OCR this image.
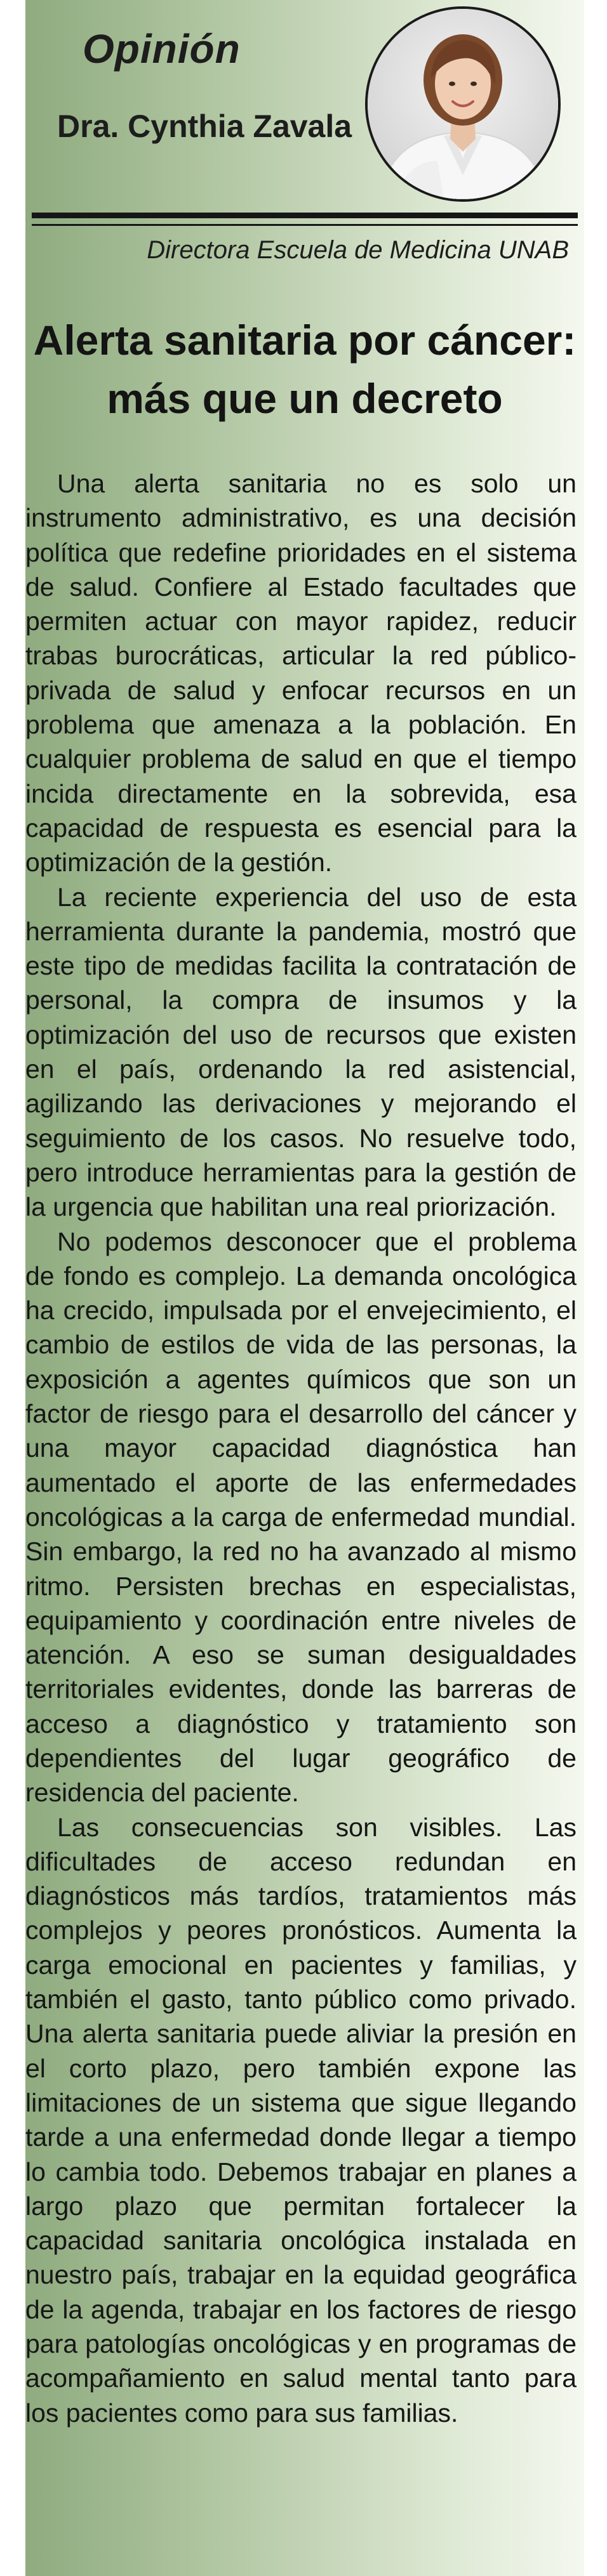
Opinión
Dra. Cynthia Zavala
Directora Escuela de Medicina UNAB
Alerta sanitaria por cáncer:
más que un decreto

Una alerta sanitaria no es solo un instrumento administrativo, es una decisión política que redefine prioridades en el sistema de salud. Confiere al Estado facultades que permiten actuar con mayor rapidez, reducir trabas burocráticas, articular la red público-privada de salud y enfocar recursos en un problema que amenaza a la población. En cualquier problema de salud en que el tiempo incida directamente en la sobrevida, esa capacidad de respuesta es esencial para la optimización de la gestión.

La reciente experiencia del uso de esta herramienta durante la pandemia, mostró que este tipo de medidas facilita la contratación de personal, la compra de insumos y la optimización del uso de recursos que existen en el país, ordenando la red asistencial, agilizando las derivaciones y mejorando el seguimiento de los casos. No resuelve todo, pero introduce herramientas para la gestión de la urgencia que habilitan una real priorización.

No podemos desconocer que el problema de fondo es complejo. La demanda oncológica ha crecido, impulsada por el envejecimiento, el cambio de estilos de vida de las personas, la exposición a agentes químicos que son un factor de riesgo para el desarrollo del cáncer y una mayor capacidad diagnóstica han aumentado el aporte de las enfermedades oncológicas a la carga de enfermedad mundial. Sin embargo, la red no ha avanzado al mismo ritmo. Persisten brechas en especialistas, equipamiento y coordinación entre niveles de atención. A eso se suman desigualdades territoriales evidentes, donde las barreras de acceso a diagnóstico y tratamiento son dependientes del lugar geográfico de residencia del paciente.

Las consecuencias son visibles. Las dificultades de acceso redundan en diagnósticos más tardíos, tratamientos más complejos y peores pronósticos. Aumenta la carga emocional en pacientes y familias, y también el gasto, tanto público como privado. Una alerta sanitaria puede aliviar la presión en el corto plazo, pero también expone las limitaciones de un sistema que sigue llegando tarde a una enfermedad donde llegar a tiempo lo cambia todo. Debemos trabajar en planes a largo plazo que permitan fortalecer la capacidad sanitaria oncológica instalada en nuestro país, trabajar en la equidad geográfica de la agenda, trabajar en los factores de riesgo para patologías oncológicas y en programas de acompañamiento en salud mental tanto para los pacientes como para sus familias.
